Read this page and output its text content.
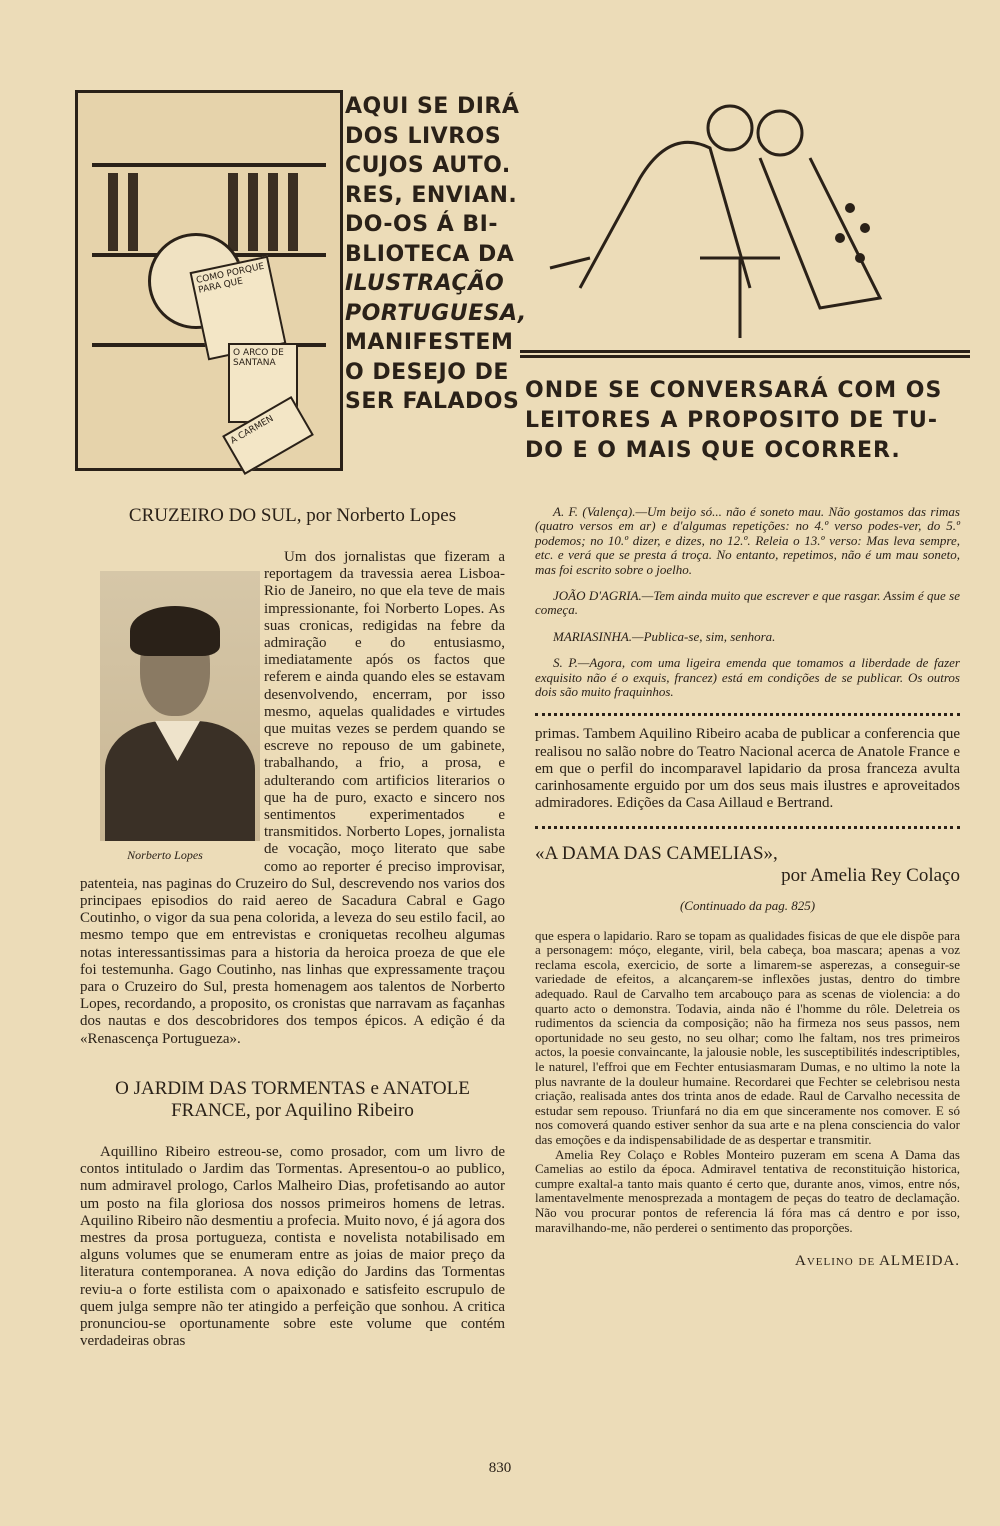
COMO PORQUE PARA QUE
O ARCO DE SANTANA
A CARMEN
AQUI SE DIRÁ
DOS LIVROS
CUJOS AUTO.
RES, ENVIAN.
DO-OS Á BI-
BLIOTECA DA
ILUSTRAÇÃO
PORTUGUESA,
MANIFESTEM
O DESEJO DE
SER FALADOS ONDE SE CONVERSARÁ COM OS
LEITORES A PROPOSITO DE TU-
DO E O MAIS QUE OCORRER.
CRUZEIRO DO SUL, por Norberto Lopes
Norberto Lopes

Um dos jornalistas que fizeram a reportagem da travessia aerea Lisboa-Rio de Janeiro, no que ela teve de mais impressionante, foi Norberto Lopes. As suas cronicas, redigidas na febre da admiração e do entusiasmo, imediatamente após os factos que referem e ainda quando eles se estavam desenvolvendo, encerram, por isso mesmo, aquelas qualidades e virtudes que muitas vezes se perdem quando se escreve no repouso de um gabinete, trabalhando, a frio, a prosa, e adulterando com artificios literarios o que ha de puro, exacto e sincero nos sentimentos experimentados e transmitidos. Norberto Lopes, jornalista de vocação, moço literato que sabe como ao reporter é preciso improvisar, patenteia, nas paginas do Cruzeiro do Sul, descrevendo nos varios dos principaes episodios do raid aereo de Sacadura Cabral e Gago Coutinho, o vigor da sua pena colorida, a leveza do seu estilo facil, ao mesmo tempo que em entrevistas e croniquetas recolheu algumas notas interessantissimas para a historia da heroica proeza de que ele foi testemunha. Gago Coutinho, nas linhas que expressamente traçou para o Cruzeiro do Sul, presta homenagem aos talentos de Norberto Lopes, recordando, a proposito, os cronistas que narravam as façanhas dos nautas e dos descobridores dos tempos épicos. A edição é da «Renascença Portugueza».

O JARDIM DAS TORMENTAS e ANATOLE FRANCE, por Aquilino Ribeiro

Aquillino Ribeiro estreou-se, como prosador, com um livro de contos intitulado o Jardim das Tormentas. Apresentou-o ao publico, num admiravel prologo, Carlos Malheiro Dias, profetisando ao autor um posto na fila gloriosa dos nossos primeiros homens de letras. Aquilino Ribeiro não desmentiu a profecia. Muito novo, é já agora dos mestres da prosa portugueza, contista e novelista notabilisado em alguns volumes que se enumeram entre as joias de maior preço da literatura contemporanea. A nova edição do Jardins das Tormentas reviu-a o forte estilista com o apaixonado e satisfeito escrupulo de quem julga sempre não ter atingido a perfeição que sonhou. A critica pronunciou-se oportunamente sobre este volume que contém verdadeiras obras

A. F. (Valença).—Um beijo só... não é soneto mau. Não gostamos das rimas (quatro versos em ar) e d'algumas repetições: no 4.º verso podes-ver, do 5.º podemos; no 10.º dizer, e dizes, no 12.º. Releia o 13.º verso: Mas leva sempre, etc. e verá que se presta á troça. No entanto, repetimos, não é um mau soneto, mas foi escrito sobre o joelho.

JOÃO D'AGRIA.—Tem ainda muito que escrever e que rasgar. Assim é que se começa.

MARIASINHA.—Publica-se, sim, senhora.

S. P.—Agora, com uma ligeira emenda que tomamos a liberdade de fazer exquisito não é o exquis, francez) está em condições de se publicar. Os outros dois são muito fraquinhos.

primas. Tambem Aquilino Ribeiro acaba de publicar a conferencia que realisou no salão nobre do Teatro Nacional acerca de Anatole France e em que o perfil do incomparavel lapidario da prosa franceza avulta carinhosamente erguido por um dos seus mais ilustres e aproveitados admiradores. Edições da Casa Aillaud e Bertrand.

«A DAMA DAS CAMELIAS»,
por Amelia Rey Colaço
(Continuado da pag. 825)

que espera o lapidario. Raro se topam as qualidades fisicas de que ele dispõe para a personagem: móço, elegante, viril, bela cabeça, boa mascara; apenas a voz reclama escola, exercicio, de sorte a limarem-se asperezas, a conseguir-se variedade de efeitos, a alcançarem-se inflexões justas, dentro do timbre adequado. Raul de Carvalho tem arcabouço para as scenas de violencia: a do quarto acto o demonstra. Todavia, ainda não é l'homme du rôle. Deletreia os rudimentos da sciencia da composição; não ha firmeza nos seus passos, nem oportunidade no seu gesto, no seu olhar; como lhe faltam, nos tres primeiros actos, la poesie convaincante, la jalousie noble, les susceptibilités indescriptibles, le naturel, l'effroi que em Fechter entusiasmaram Dumas, e no ultimo la note la plus navrante de la douleur humaine. Recordarei que Fechter se celebrisou nesta criação, realisada antes dos trinta anos de edade. Raul de Carvalho necessita de estudar sem repouso. Triunfará no dia em que sinceramente nos comover. E só nos comoverá quando estiver senhor da sua arte e na plena consciencia do valor das emoções e da indispensabilidade de as despertar e transmitir.

Amelia Rey Colaço e Robles Monteiro puzeram em scena A Dama das Camelias ao estilo da época. Admiravel tentativa de reconstituição historica, cumpre exaltal-a tanto mais quanto é certo que, durante anos, vimos, entre nós, lamentavelmente menosprezada a montagem de peças do teatro de declamação. Não vou procurar pontos de referencia lá fóra mas cá dentro e por isso, maravilhando-me, não perderei o sentimento das proporções.

Avelino de ALMEIDA.
830
